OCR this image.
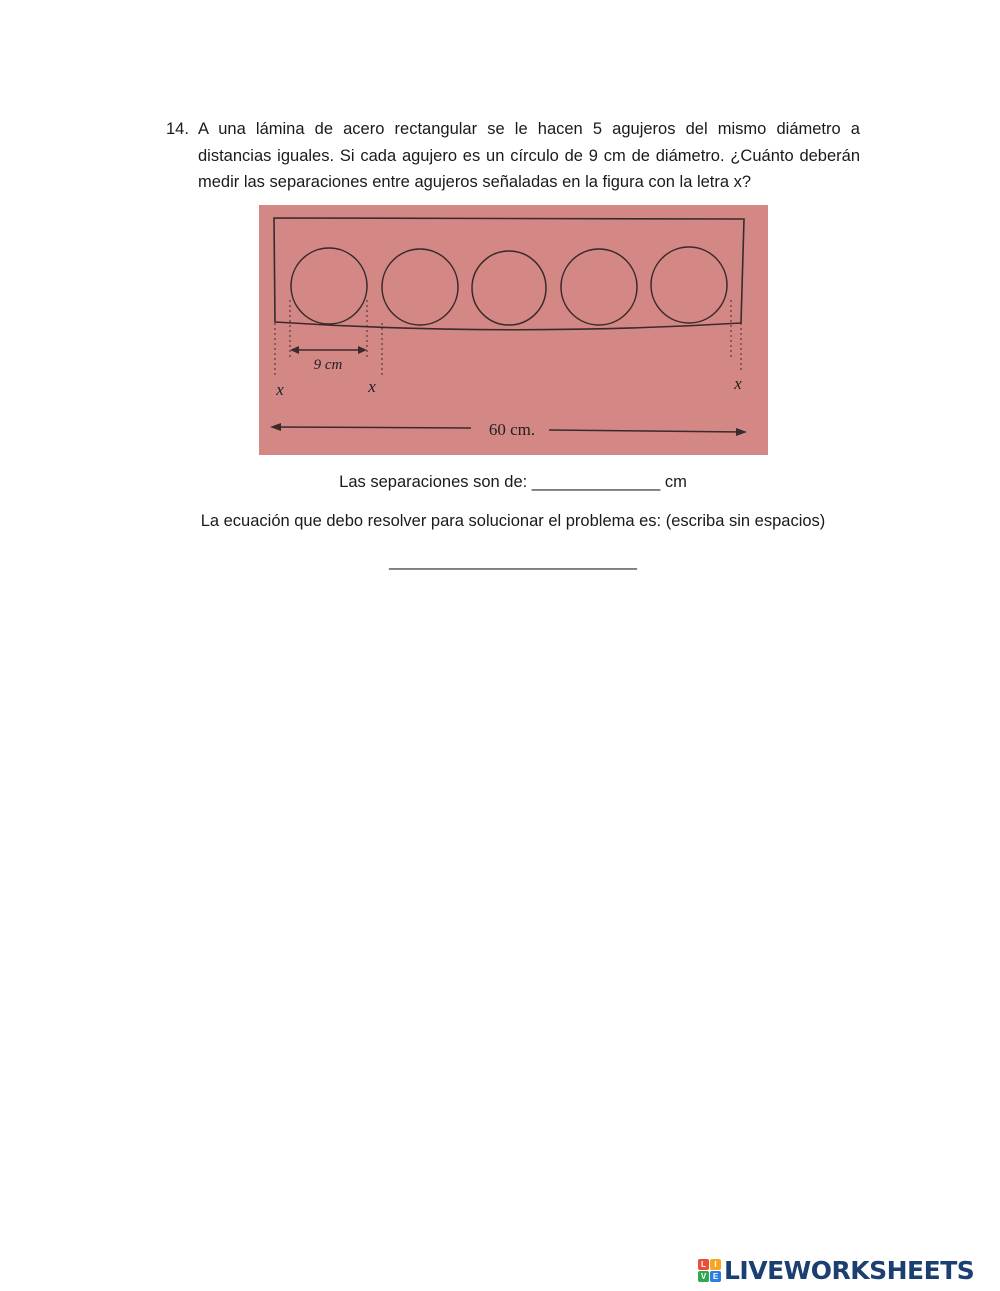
14. A una lámina de acero rectangular se le hacen 5 agujeros del mismo diámetro a distancias iguales. Si cada agujero es un círculo de 9 cm de diámetro. ¿Cuánto deberán medir las separaciones entre agujeros señaladas en la figura con la letra x?
9 cm
x	x	x
60 cm.
Las separaciones son de: ______________ cm
La ecuación que debo resolver para solucionar el problema es: (escriba sin espacios)
___________________________
L	I
V E LIVEWORKSHEETS
